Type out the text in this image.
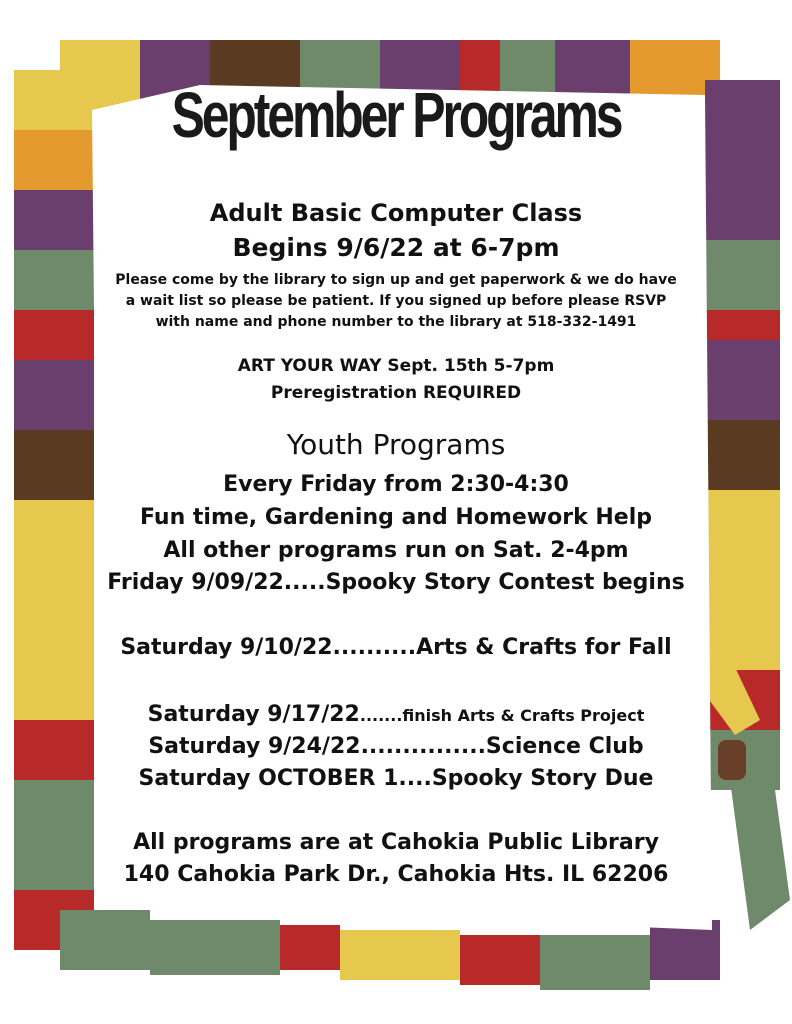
September Programs
Adult Basic Computer Class
Begins 9/6/22 at 6-7pm
Please come by the library to sign up and get paperwork & we do have
a wait list so please be patient. If you signed up before please RSVP
with name and phone number to the library at 518-332-1491
ART YOUR WAY Sept. 15th 5-7pm
Preregistration REQUIRED
Youth Programs
Every Friday from 2:30-4:30
Fun time, Gardening and Homework Help
All other programs run on Sat. 2-4pm
Friday 9/09/22.....Spooky Story Contest begins
Saturday 9/10/22..........Arts & Crafts for Fall
Saturday 9/17/22.......finish Arts & Crafts Project
Saturday 9/24/22...............Science Club
Saturday OCTOBER 1....Spooky Story Due
All programs are at Cahokia Public Library
140 Cahokia Park Dr., Cahokia Hts. IL 62206
